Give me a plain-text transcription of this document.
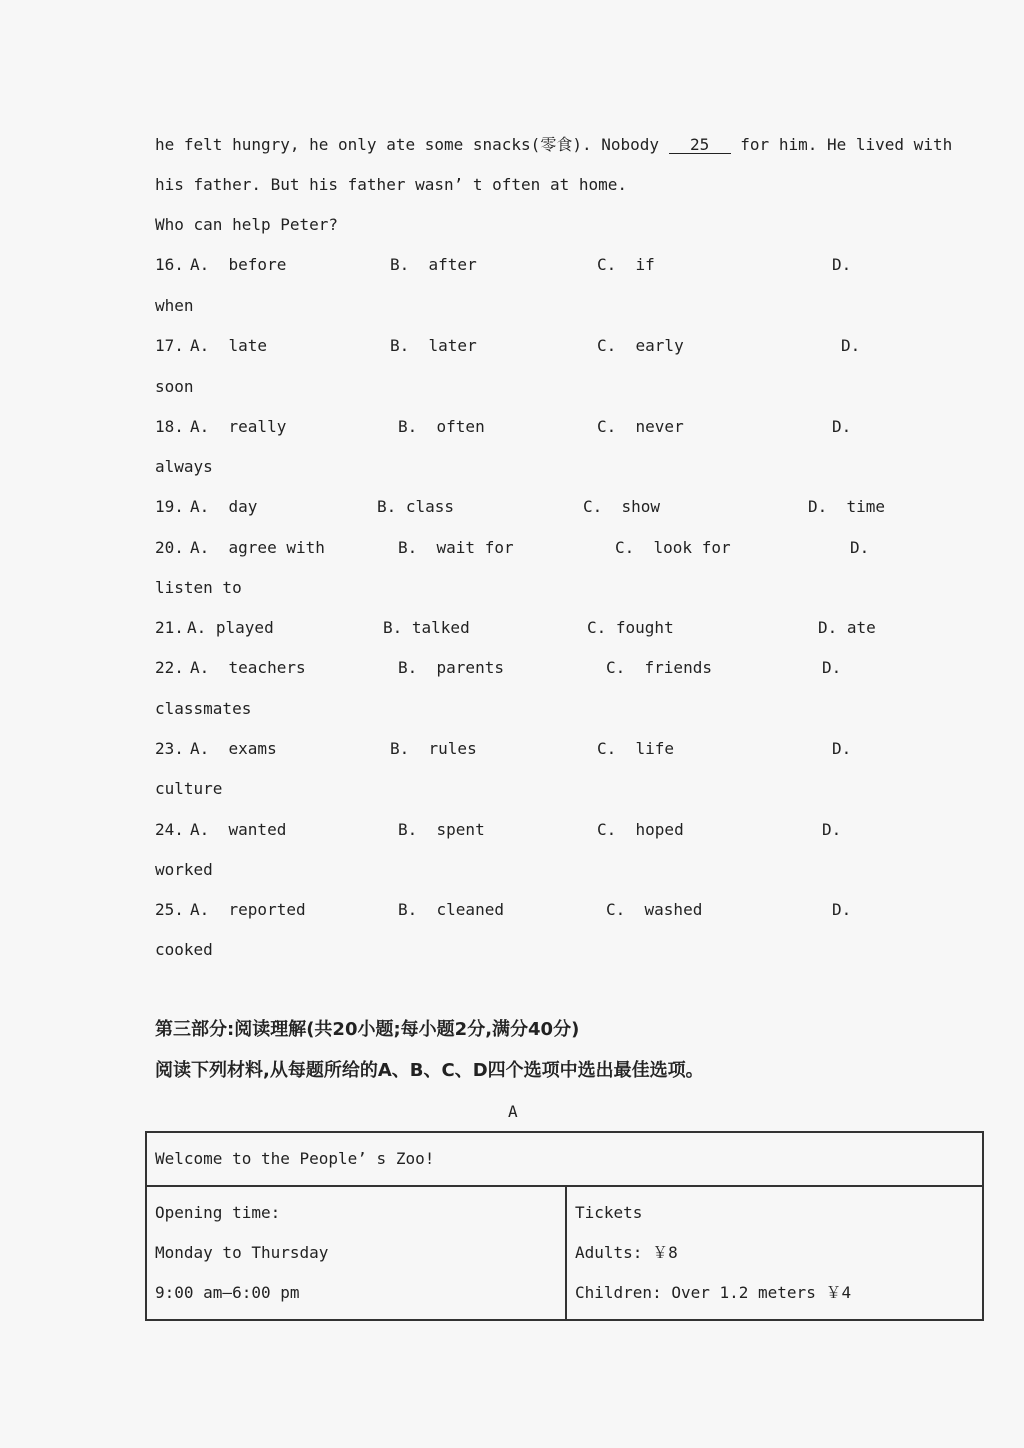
he felt hungry, he only ate some snacks(零食). Nobody 25 for him. He lived with
his father. But his father wasn’ t often at home.
Who can help Peter?
16. A.  before	B.  after	C.  if	D.
when
17. A.  late	B.  later	C.  early	D.
soon
18. A.  really	B.  often	C.  never	D.
always
19. A.  day	B. class	C.  show	D.  time
20. A.  agree with	B.  wait for	C.  look for	D.
listen to
21. A. played	B. talked	C. fought	D. ate
22. A.  teachers	B.  parents	C.  friends	D.
classmates
23. A.  exams	B.  rules	C.  life	D.
culture
24. A.  wanted	B.  spent	C.  hoped	D.
worked
25. A.  reported	B.  cleaned	C.  washed	D.
cooked
第三部分:阅读理解(共20小题;每小题2分,满分40分)
阅读下列材料,从每题所给的A、B、C、D四个选项中选出最佳选项。
A
Welcome to the People’ s Zoo!

Opening time:
Monday to Thursday
9:00 am—6:00 pm

Tickets
Adults: ￥8
Children: Over 1.2 meters ￥4
